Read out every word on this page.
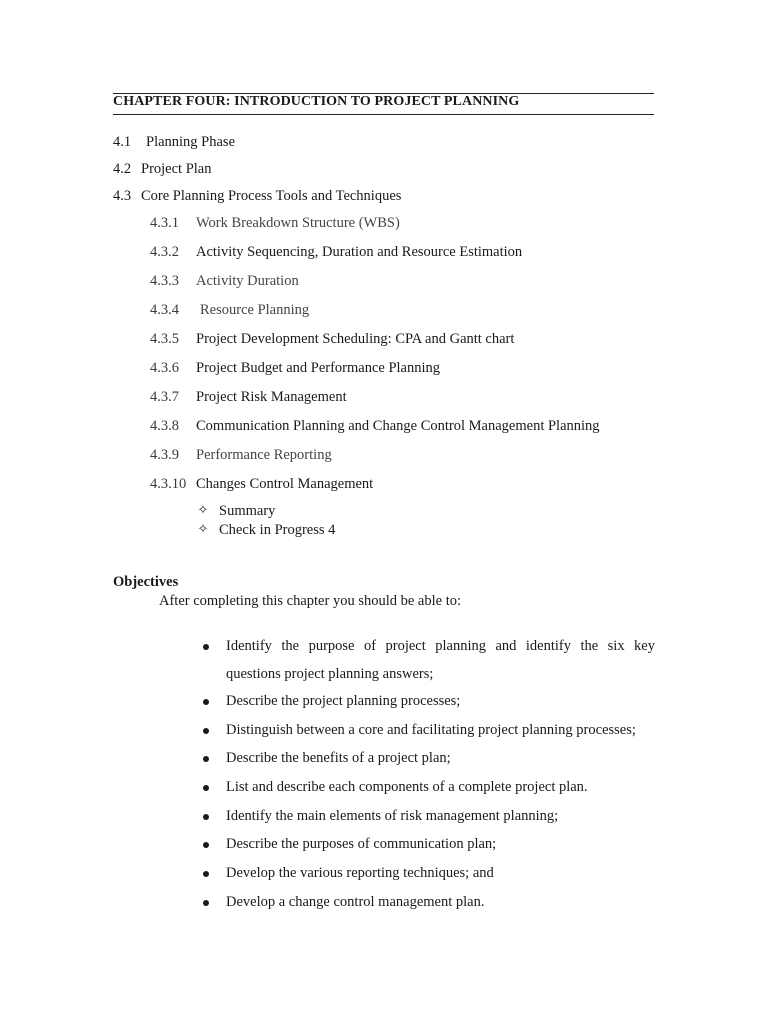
CHAPTER FOUR: INTRODUCTION TO PROJECT PLANNING
4.1 Planning Phase
4.2 Project Plan
4.3 Core Planning Process Tools and Techniques
4.3.1 Work Breakdown Structure (WBS)
4.3.2 Activity Sequencing, Duration and Resource Estimation
4.3.3 Activity Duration
4.3.4 Resource Planning
4.3.5 Project Development Scheduling: CPA and Gantt chart
4.3.6 Project Budget and Performance Planning
4.3.7 Project Risk Management
4.3.8 Communication Planning and Change Control Management Planning
4.3.9 Performance Reporting
4.3.10 Changes Control Management
✧ Summary
✧ Check in Progress 4
Objectives
After completing this chapter you should be able to:
Identify the purpose of project planning and identify the six key
questions project planning answers;
Describe the project planning processes;
Distinguish between a core and facilitating project planning processes;
Describe the benefits of a project plan;
List and describe each components of a complete project plan.
Identify the main elements of risk management planning;
Describe the purposes of communication plan;
Develop the various reporting techniques; and
Develop a change control management plan.
